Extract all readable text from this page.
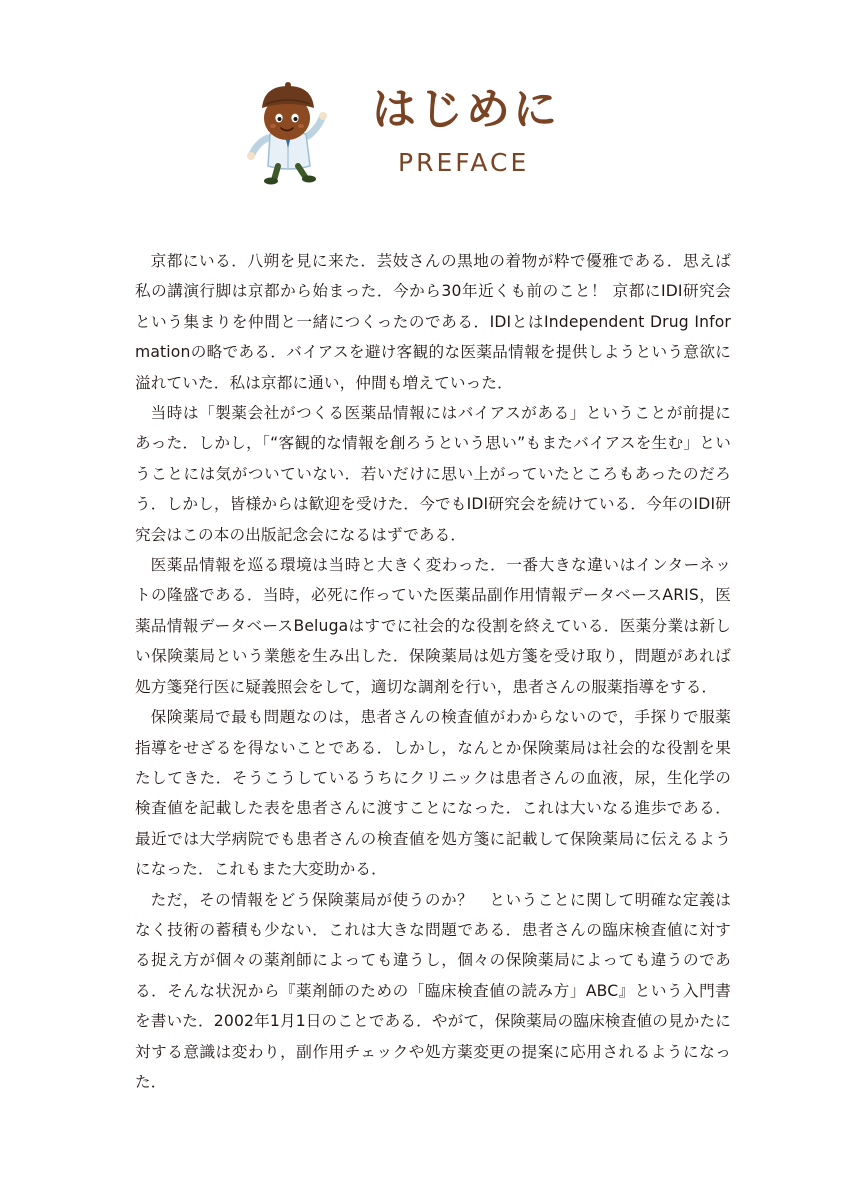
はじめに
PREFACE

京都にいる．八朔を見に来た．芸妓さんの黒地の着物が粋で優雅である．思えば私の講演行脚は京都から始まった．今から30年近くも前のこと！ 京都にIDI研究会という集まりを仲間と一緒につくったのである．IDIとはIndependent Drug Informationの略である．バイアスを避け客観的な医薬品情報を提供しようという意欲に溢れていた．私は京都に通い，仲間も増えていった．

当時は「製薬会社がつくる医薬品情報にはバイアスがある」ということが前提にあった．しかし，「“客観的な情報を創ろうという思い”もまたバイアスを生む」ということには気がついていない．若いだけに思い上がっていたところもあったのだろう．しかし，皆様からは歓迎を受けた．今でもIDI研究会を続けている．今年のIDI研究会はこの本の出版記念会になるはずである．

医薬品情報を巡る環境は当時と大きく変わった．一番大きな違いはインターネットの隆盛である．当時，必死に作っていた医薬品副作用情報データベースARIS，医薬品情報データベースBelugaはすでに社会的な役割を終えている．医薬分業は新しい保険薬局という業態を生み出した．保険薬局は処方箋を受け取り，問題があれば処方箋発行医に疑義照会をして，適切な調剤を行い，患者さんの服薬指導をする．

保険薬局で最も問題なのは，患者さんの検査値がわからないので，手探りで服薬指導をせざるを得ないことである．しかし，なんとか保険薬局は社会的な役割を果たしてきた．そうこうしているうちにクリニックは患者さんの血液，尿，生化学の検査値を記載した表を患者さんに渡すことになった．これは大いなる進歩である．最近では大学病院でも患者さんの検査値を処方箋に記載して保険薬局に伝えるようになった．これもまた大変助かる．

ただ，その情報をどう保険薬局が使うのか？　ということに関して明確な定義はなく技術の蓄積も少ない．これは大きな問題である．患者さんの臨床検査値に対する捉え方が個々の薬剤師によっても違うし，個々の保険薬局によっても違うのである．そんな状況から『薬剤師のための「臨床検査値の読み方」ABC』という入門書を書いた．2002年1月1日のことである．やがて，保険薬局の臨床検査値の見かたに対する意識は変わり，副作用チェックや処方薬変更の提案に応用されるようになった．
